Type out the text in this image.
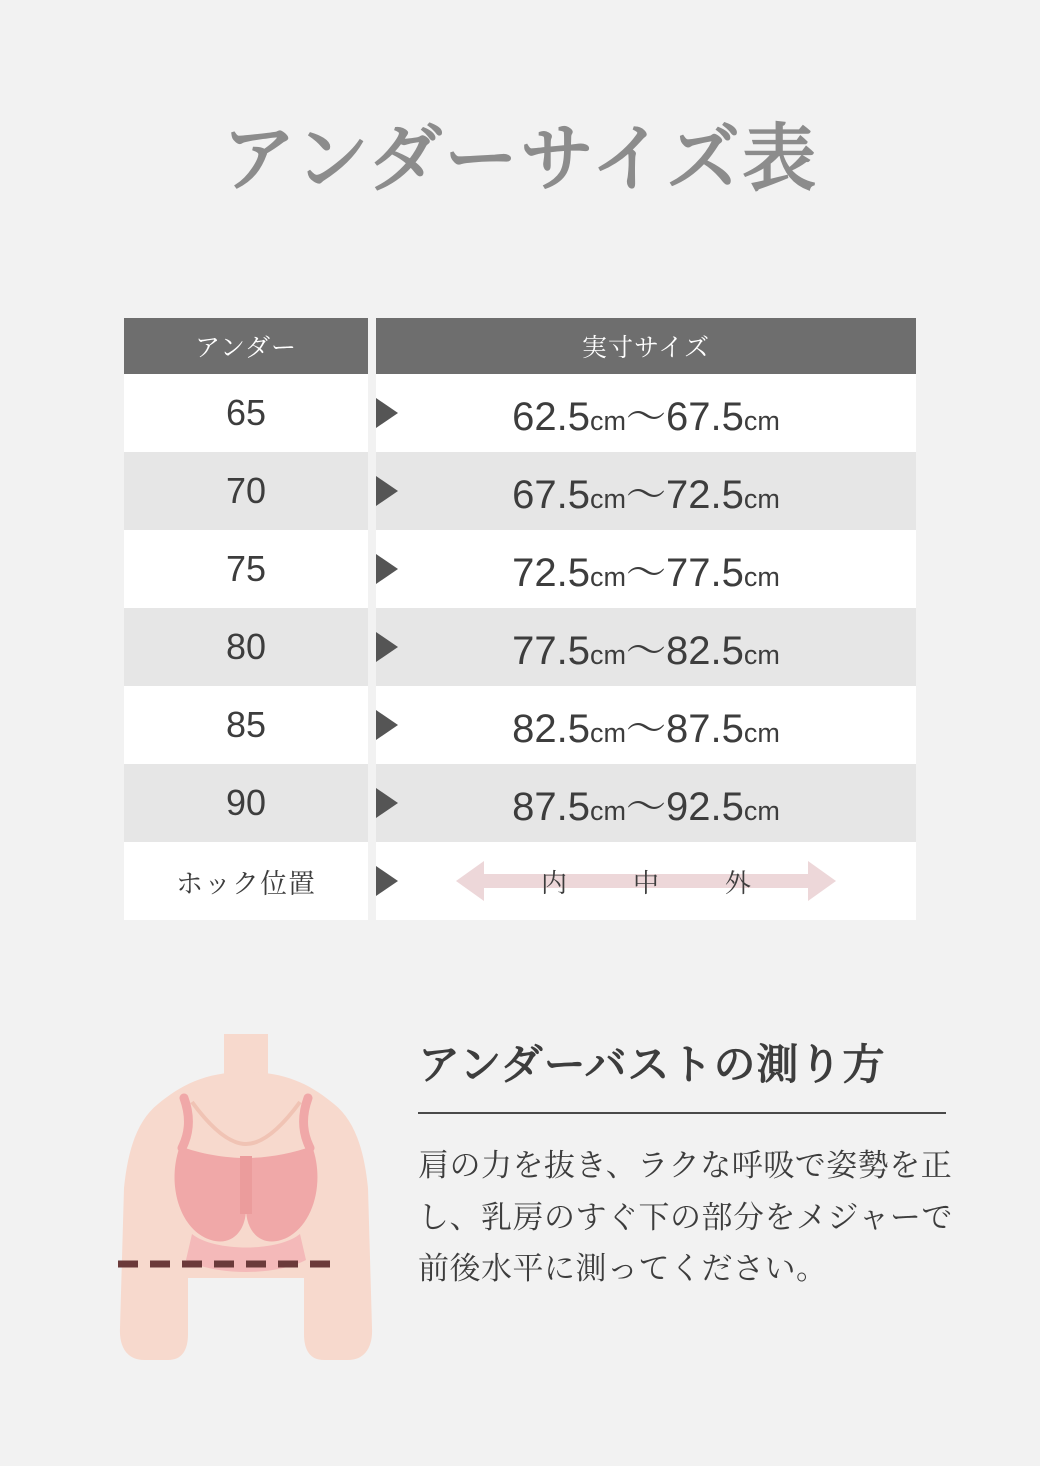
アンダーサイズ表
アンダー	実寸サイズ
65	62.5cm～67.5cm
70	67.5cm～72.5cm
75	72.5cm～77.5cm
80	77.5cm～82.5cm
85	82.5cm～87.5cm
90	87.5cm～92.5cm
ホック位置	内	中	外
アンダーバストの測り方

肩の力を抜き、ラクな呼吸で姿勢を正し、乳房のすぐ下の部分をメジャーで前後水平に測ってください。
